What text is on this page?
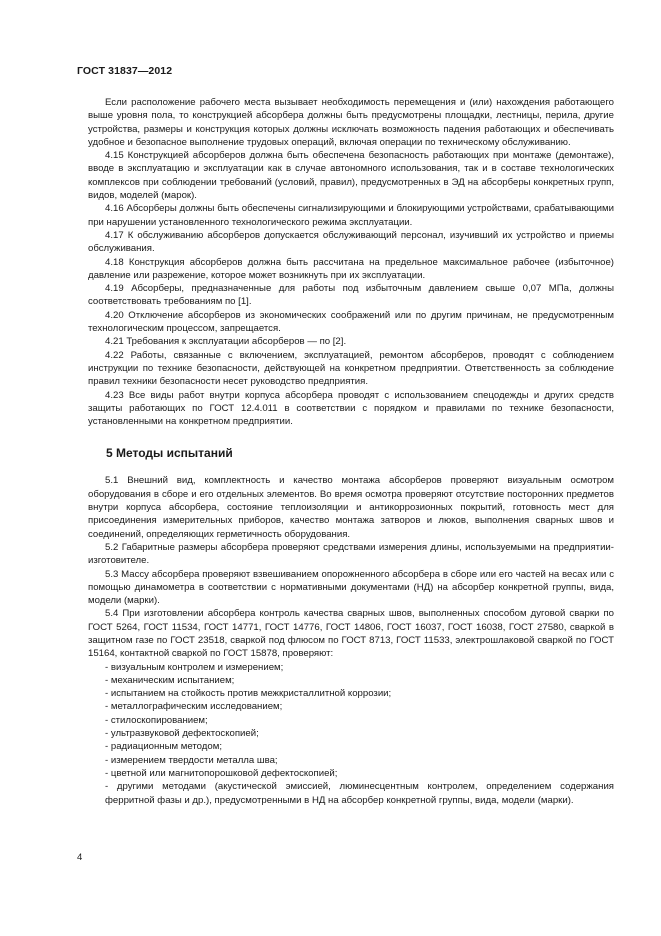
ГОСТ 31837—2012

Если расположение рабочего места вызывает необходимость перемещения и (или) нахождения работающего выше уровня пола, то конструкцией абсорбера должны быть предусмотрены площадки, лестницы, перила, другие устройства, размеры и конструкция которых должны исключать возможность падения работающих и обеспечивать удобное и безопасное выполнение трудовых операций, включая операции по техническому обслуживанию.

4.15 Конструкцией абсорберов должна быть обеспечена безопасность работающих при монтаже (демонтаже), вводе в эксплуатацию и эксплуатации как в случае автономного использования, так и в составе технологических комплексов при соблюдении требований (условий, правил), предусмотренных в ЭД на абсорберы конкретных групп, видов, моделей (марок).

4.16 Абсорберы должны быть обеспечены сигнализирующими и блокирующими устройствами, срабатывающими при нарушении установленного технологического режима эксплуатации.

4.17 К обслуживанию абсорберов допускается обслуживающий персонал, изучивший их устройство и приемы обслуживания.

4.18 Конструкция абсорберов должна быть рассчитана на предельное максимальное рабочее (избыточное) давление или разрежение, которое может возникнуть при их эксплуатации.

4.19 Абсорберы, предназначенные для работы под избыточным давлением свыше 0,07 МПа, должны соответствовать требованиям по [1].

4.20 Отключение абсорберов из экономических соображений или по другим причинам, не предусмотренным технологическим процессом, запрещается.

4.21 Требования к эксплуатации абсорберов — по [2].

4.22 Работы, связанные с включением, эксплуатацией, ремонтом абсорберов, проводят с соблюдением инструкции по технике безопасности, действующей на конкретном предприятии. Ответственность за соблюдение правил техники безопасности несет руководство предприятия.

4.23 Все виды работ внутри корпуса абсорбера проводят с использованием спецодежды и других средств защиты работающих по ГОСТ 12.4.011 в соответствии с порядком и правилами по технике безопасности, установленными на конкретном предприятии.

5 Методы испытаний

5.1 Внешний вид, комплектность и качество монтажа абсорберов проверяют визуальным осмотром оборудования в сборе и его отдельных элементов. Во время осмотра проверяют отсутствие посторонних предметов внутри корпуса абсорбера, состояние теплоизоляции и антикоррозионных покрытий, готовность мест для присоединения измерительных приборов, качество монтажа затворов и люков, выполнения сварных швов и соединений, определяющих герметичность оборудования.

5.2 Габаритные размеры абсорбера проверяют средствами измерения длины, используемыми на предприятии-изготовителе.

5.3 Массу абсорбера проверяют взвешиванием опорожненного абсорбера в сборе или его частей на весах или с помощью динамометра в соответствии с нормативными документами (НД) на абсорбер конкретной группы, вида, модели (марки).

5.4 При изготовлении абсорбера контроль качества сварных швов, выполненных способом дуговой сварки по ГОСТ 5264, ГОСТ 11534, ГОСТ 14771, ГОСТ 14776, ГОСТ 14806, ГОСТ 16037, ГОСТ 16038, ГОСТ 27580, сваркой в защитном газе по ГОСТ 23518, сваркой под флюсом по ГОСТ 8713, ГОСТ 11533, электрошлаковой сваркой по ГОСТ 15164, контактной сваркой по ГОСТ 15878, проверяют:

- визуальным контролем и измерением;
- механическим испытанием;
- испытанием на стойкость против межкристаллитной коррозии;
- металлографическим исследованием;
- стилоскопированием;
- ультразвуковой дефектоскопией;
- радиационным методом;
- измерением твердости металла шва;
- цветной или магнитопорошковой дефектоскопией;
- другими методами (акустической эмиссией, люминесцентным контролем, определением содержания ферритной фазы и др.), предусмотренными в НД на абсорбер конкретной группы, вида, модели (марки).
4
